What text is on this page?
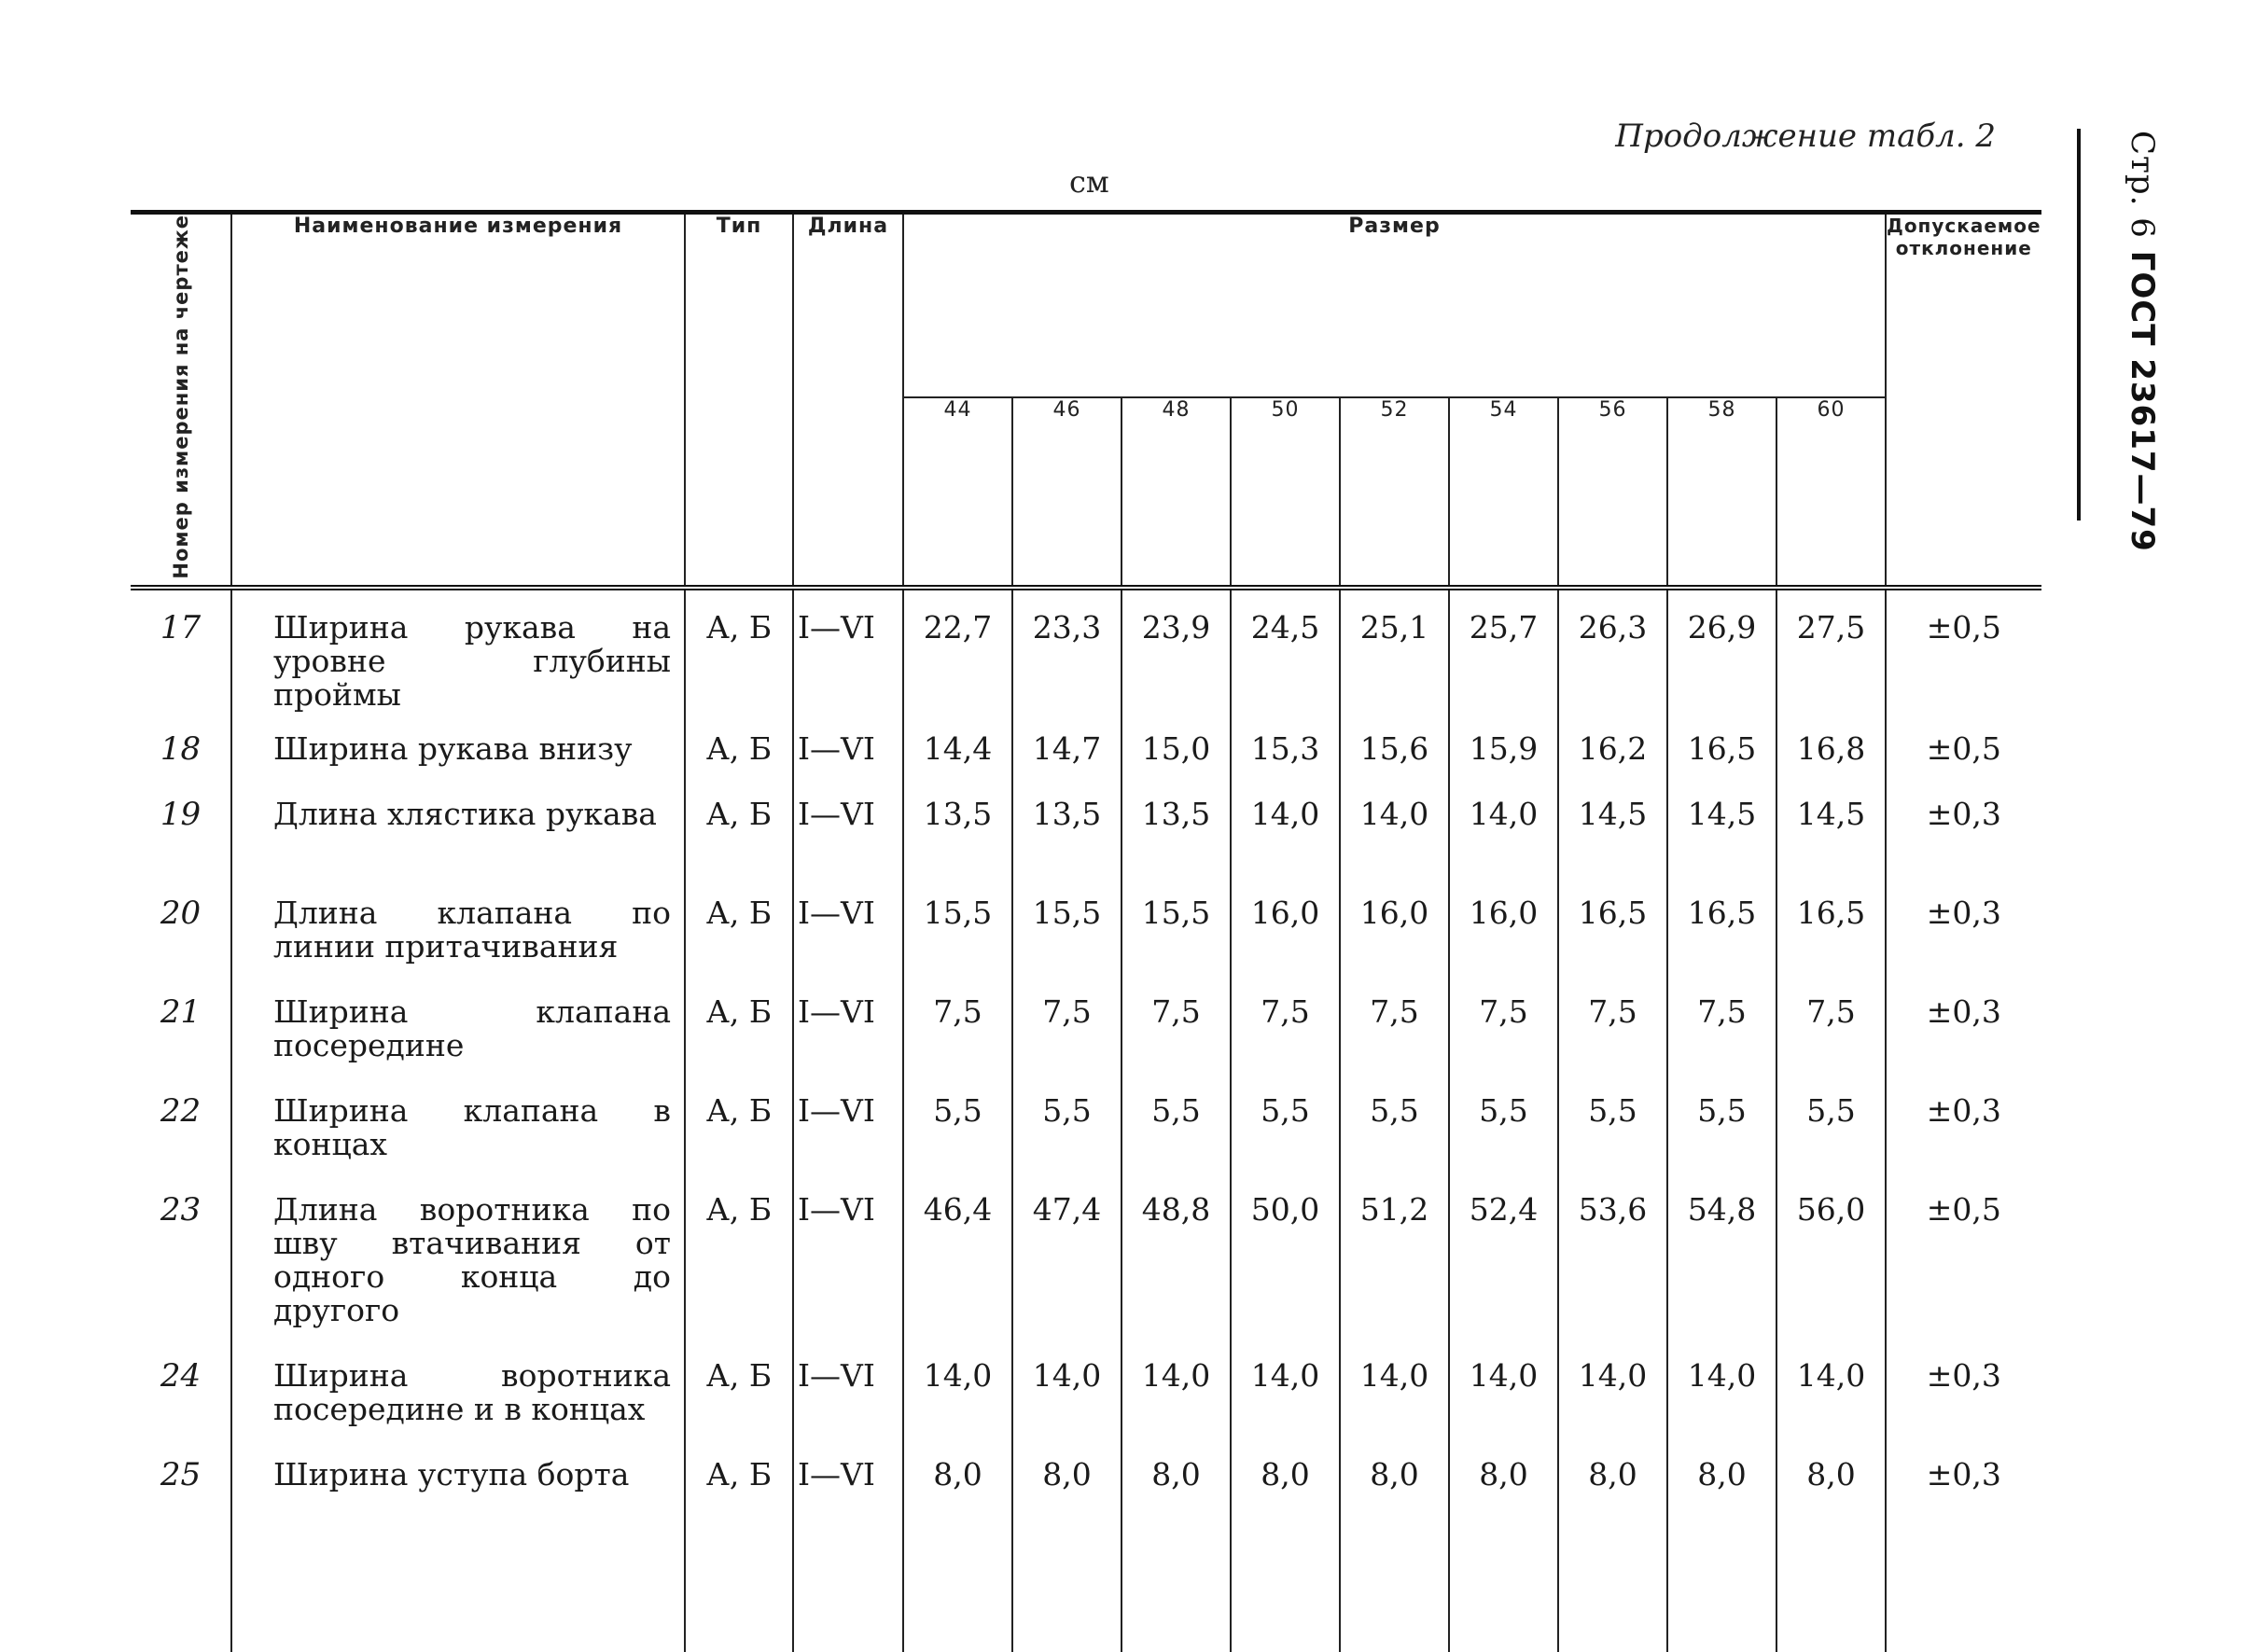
Продолжение табл. 2
см	Стр. 6 ГОСТ 23617—79
Номер измерения на чертеже	Наименование измерения	Тип	Длина	Размер									Допускаемое отклонение
				44	46	48	50	52	54	56	58	60	
17	Ширина рукава на уровне глубины проймы	А, Б	I—VI	22,7	23,3	23,9	24,5	25,1	25,7	26,3	26,9	27,5	±0,5
18	Ширина рукава внизу	А, Б	I—VI	14,4	14,7	15,0	15,3	15,6	15,9	16,2	16,5	16,8	±0,5
19	Длина хлястика рукава	А, Б	I—VI	13,5	13,5	13,5	14,0	14,0	14,0	14,5	14,5	14,5	±0,3
20	Длина клапана по линии притачивания	А, Б	I—VI	15,5	15,5	15,5	16,0	16,0	16,0	16,5	16,5	16,5	±0,3
21	Ширина клапана посередине	А, Б	I—VI	7,5	7,5	7,5	7,5	7,5	7,5	7,5	7,5	7,5	±0,3
22	Ширина клапана в концах	А, Б	I—VI	5,5	5,5	5,5	5,5	5,5	5,5	5,5	5,5	5,5	±0,3
23	Длина воротника по шву втачивания от одного конца до другого	А, Б	I—VI	46,4	47,4	48,8	50,0	51,2	52,4	53,6	54,8	56,0	±0,5
24	Ширина воротника посередине и в концах	А, Б	I—VI	14,0	14,0	14,0	14,0	14,0	14,0	14,0	14,0	14,0	±0,3
25	Ширина уступа борта	А, Б	I—VI	8,0	8,0	8,0	8,0	8,0	8,0	8,0	8,0	8,0	±0,3
